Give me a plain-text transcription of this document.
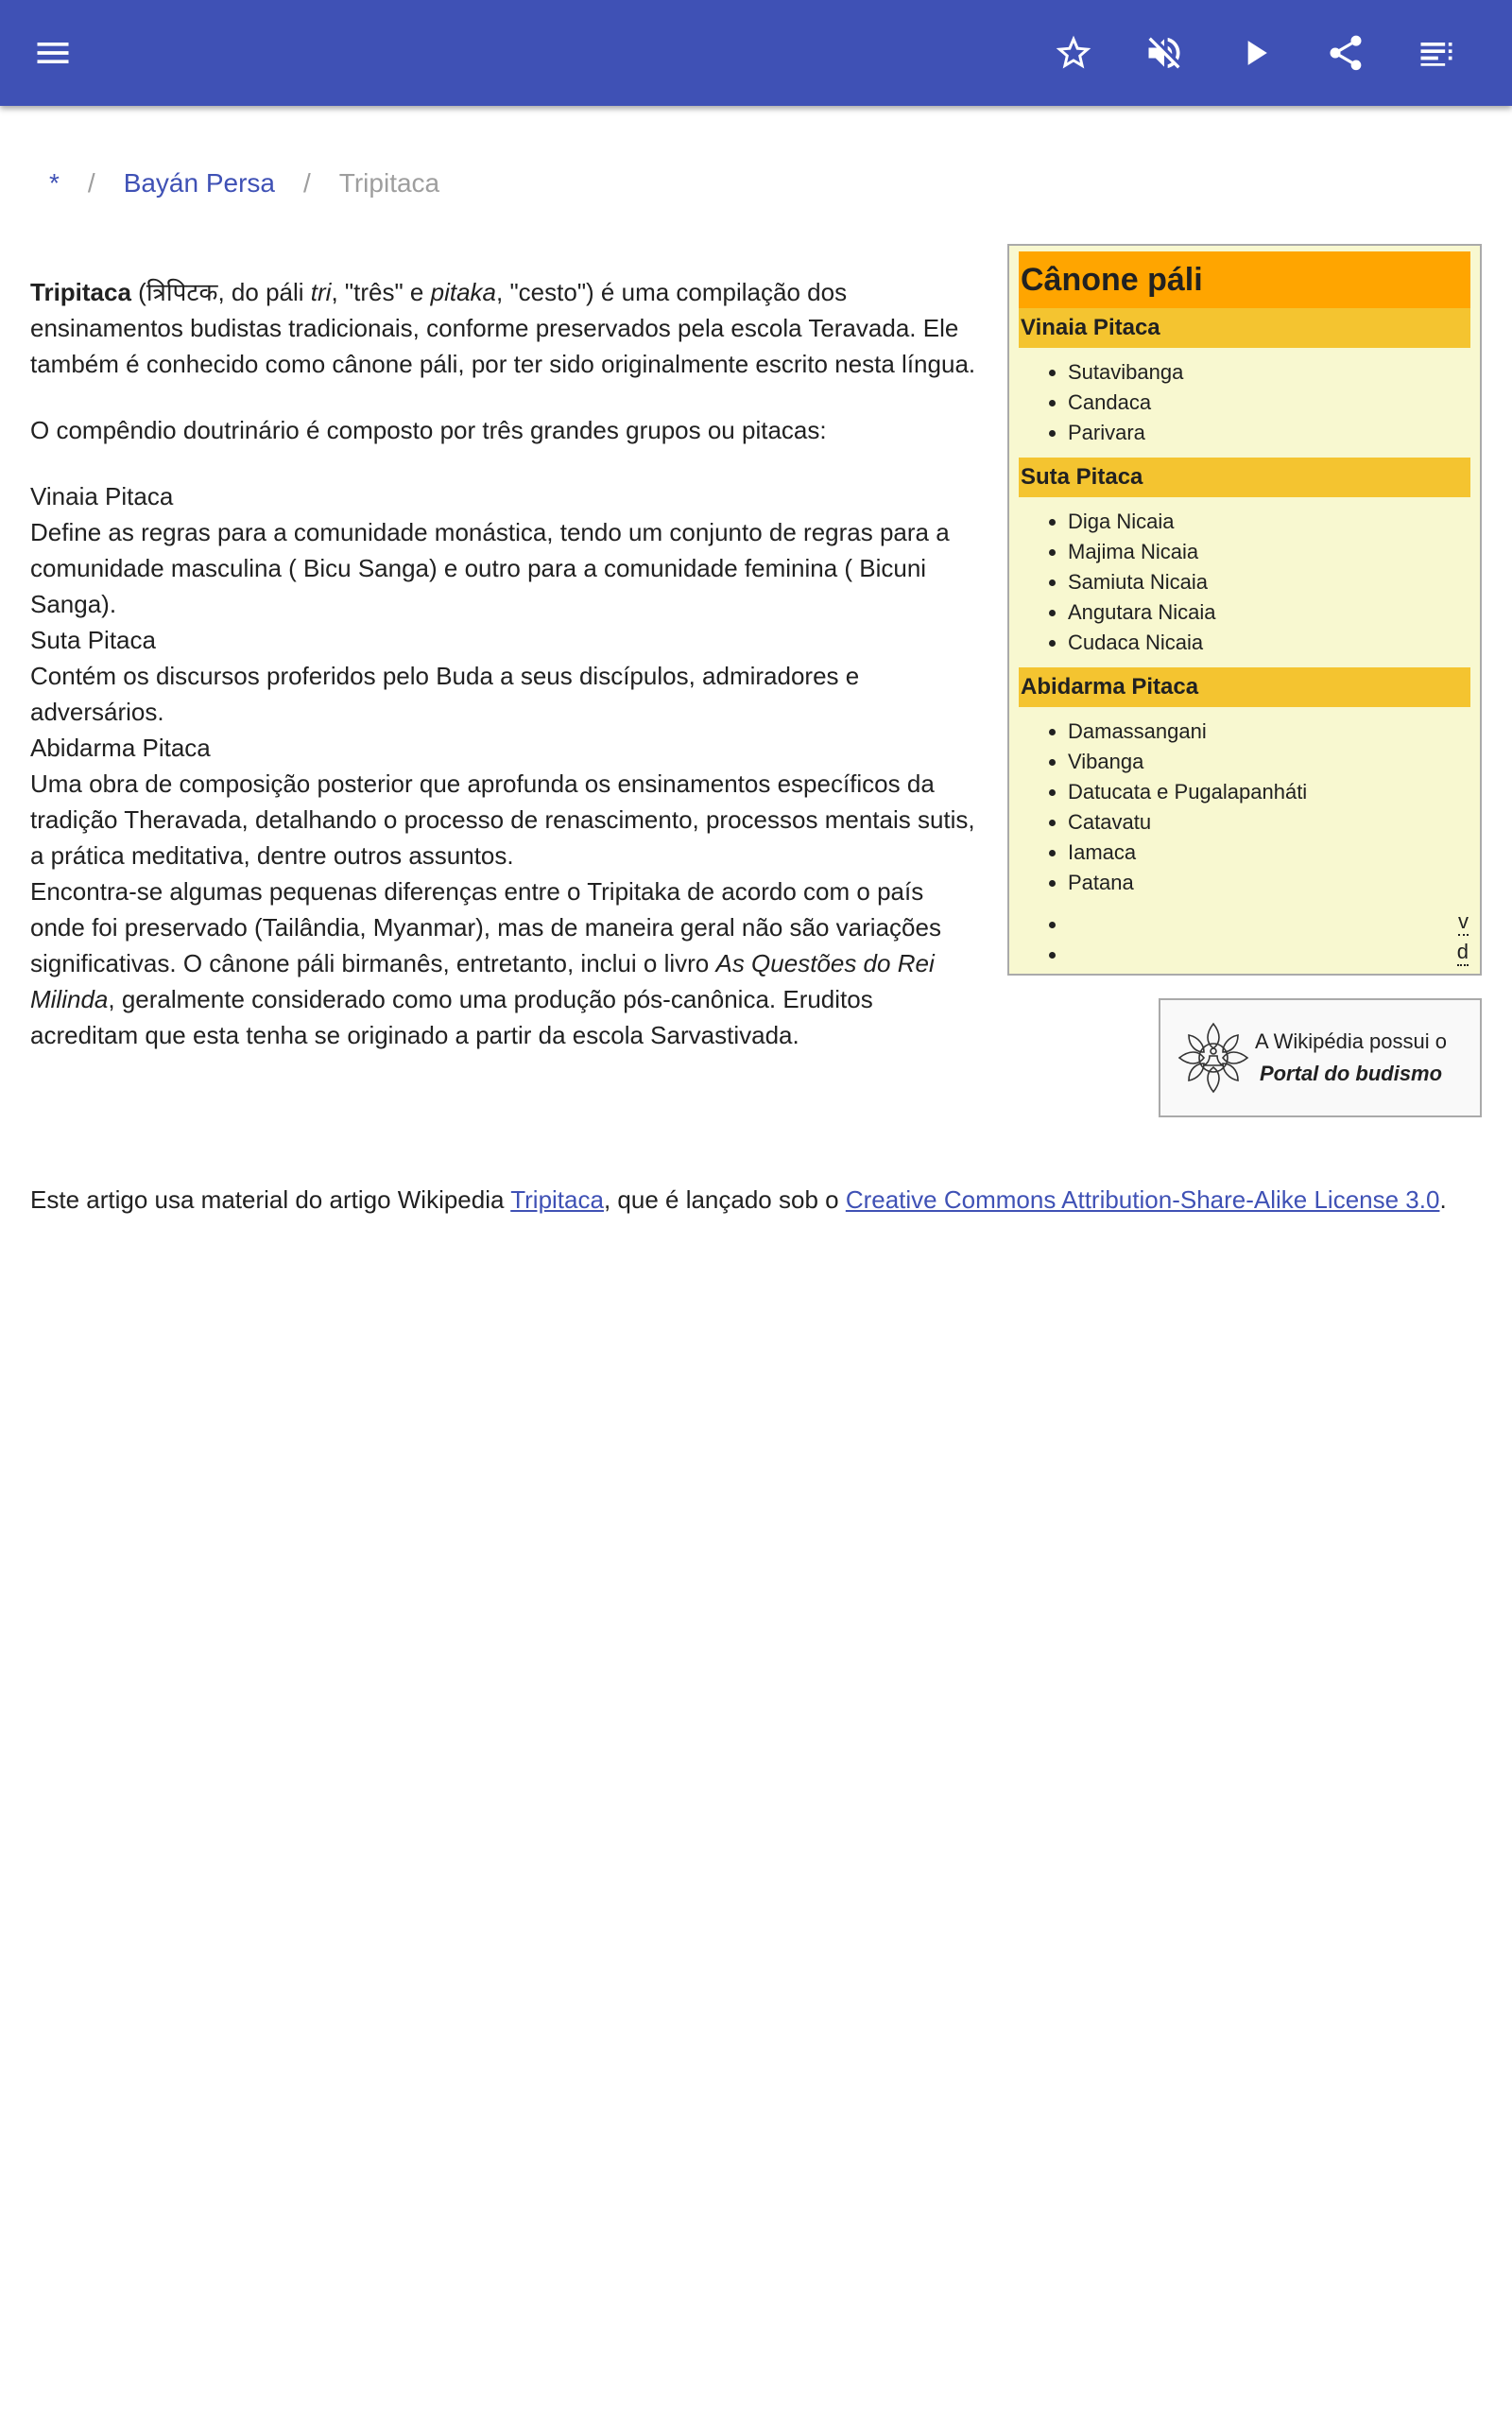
* / Bayán Persa / Tripitaca
Cânone páli
Vinaia Pitaca
• Sutavibanga
• Candaca
• Parivara
Suta Pitaca
• Diga Nicaia
• Majima Nicaia
• Samiuta Nicaia
• Angutara Nicaia
• Cudaca Nicaia
Abidarma Pitaca
• Damassangani
• Vibanga
• Datucata e Pugalapanháti
• Catavatu
• Iamaca
• Patana
• v

• d

A Wikipédia possui o
Portal do budismo

Tripitaca (त्रिपिटक, do páli tri, "três" e pitaka, "cesto") é uma compilação dos ensinamentos budistas tradicionais, conforme preservados pela escola Teravada. Ele também é conhecido como cânone páli, por ter sido originalmente escrito nesta língua.

O compêndio doutrinário é composto por três grandes grupos ou pitacas:

Vinaia Pitaca

Define as regras para a comunidade monástica, tendo um conjunto de regras para a comunidade masculina ( Bicu Sanga) e outro para a comunidade feminina ( Bicuni Sanga).

Suta Pitaca

Contém os discursos proferidos pelo Buda a seus discípulos, admiradores e adversários.

Abidarma Pitaca

Uma obra de composição posterior que aprofunda os ensinamentos específicos da tradição Theravada, detalhando o processo de renascimento, processos mentais sutis, a prática meditativa, dentre outros assuntos.

Encontra-se algumas pequenas diferenças entre o Tripitaka de acordo com o país onde foi preservado (Tailândia, Myanmar), mas de maneira geral não são variações significativas. O cânone páli birmanês, entretanto, inclui o livro As Questões do Rei Milinda, geralmente considerado como uma produção pós-canônica. Eruditos acreditam que esta tenha se originado a partir da escola Sarvastivada.

Este artigo usa material do artigo Wikipedia Tripitaca, que é lançado sob o Creative Commons Attribution-Share-Alike License 3.0.
